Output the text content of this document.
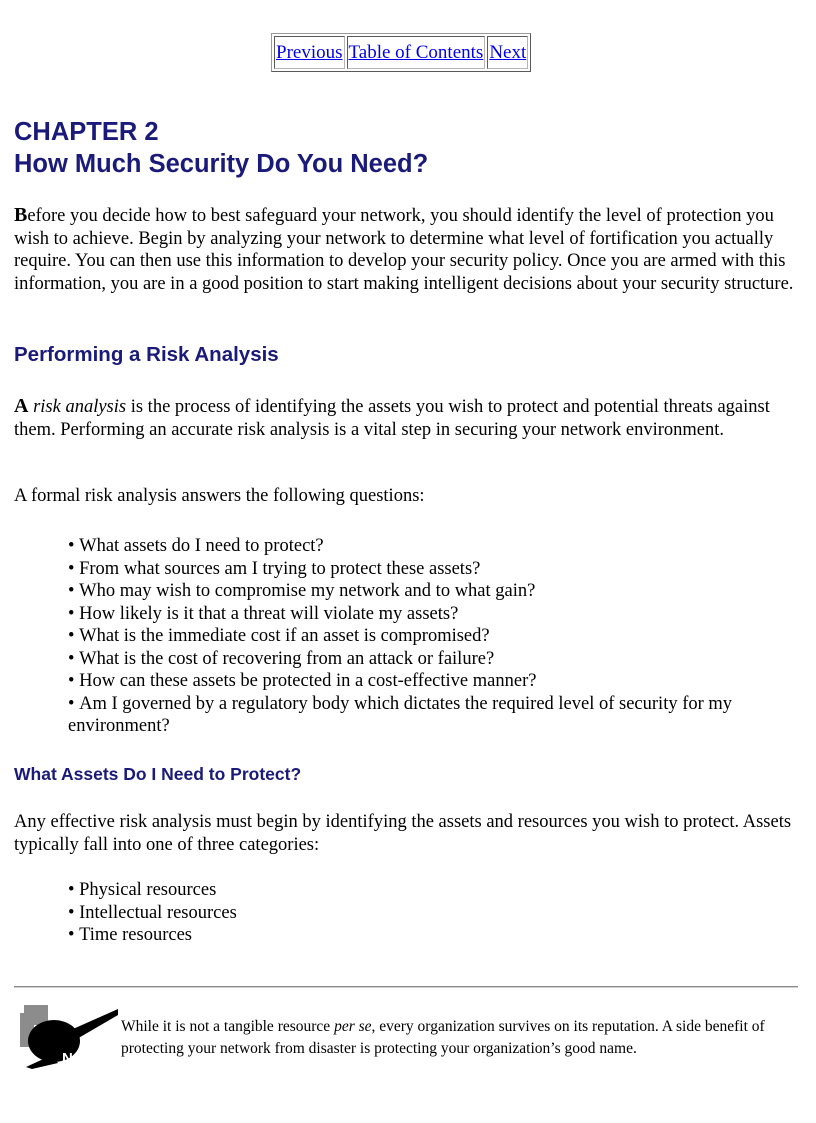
Previous Table of Contents Next
CHAPTER 2
How Much Security Do You Need?

Before you decide how to best safeguard your network, you should identify the level of protection you wish to achieve. Begin by analyzing your network to determine what level of fortification you actually require. You can then use this information to develop your security policy. Once you are armed with this information, you are in a good position to start making intelligent decisions about your security structure.

Performing a Risk Analysis

A risk analysis is the process of identifying the assets you wish to protect and potential threats against them. Performing an accurate risk analysis is a vital step in securing your network environment.

A formal risk analysis answers the following questions:

• What assets do I need to protect?
• From what sources am I trying to protect these assets?
• Who may wish to compromise my network and to what gain?
• How likely is it that a threat will violate my assets?
• What is the immediate cost if an asset is compromised?
• What is the cost of recovering from an attack or failure?
• How can these assets be protected in a cost-effective manner?
• Am I governed by a regulatory body which dictates the required level of security for my environment?
What Assets Do I Need to Protect?

Any effective risk analysis must begin by identifying the assets and resources you wish to protect. Assets typically fall into one of three categories:

• Physical resources
• Intellectual resources
• Time resources
NOTE

While it is not a tangible resource per se, every organization survives on its reputation. A side benefit of protecting your network from disaster is protecting your organization’s good name.
